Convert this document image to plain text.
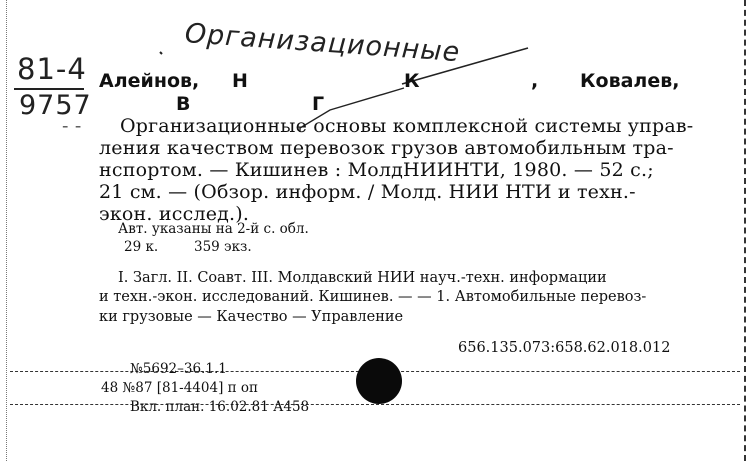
Организационные
81-4
9757
Алейнов, Н	К	, Ковалев,
В	Г
- - Организационные основы комплексной системы управ-
ления качеством перевозок грузов автомобильным тра-
нспортом. — Кишинев : МолдНИИНТИ, 1980. — 52 с.;
21 см. — (Обзор. информ. / Молд. НИИ НТИ и техн.-
экон. исслед.).
Авт. указаны на 2-й с. обл.
29 к.	359 экз.
I. Загл. II. Соавт. III. Молдавский НИИ науч.-техн. информации
и техн.-экон. исследований. Кишинев. — — 1. Автомобильные перевоз-
ки грузовые — Качество — Управление
656.135.073:658.62.018.012
№5692–36.1.1
48 №87 [81-4404] п оп
Вкл. план. 16.02.81 А458
